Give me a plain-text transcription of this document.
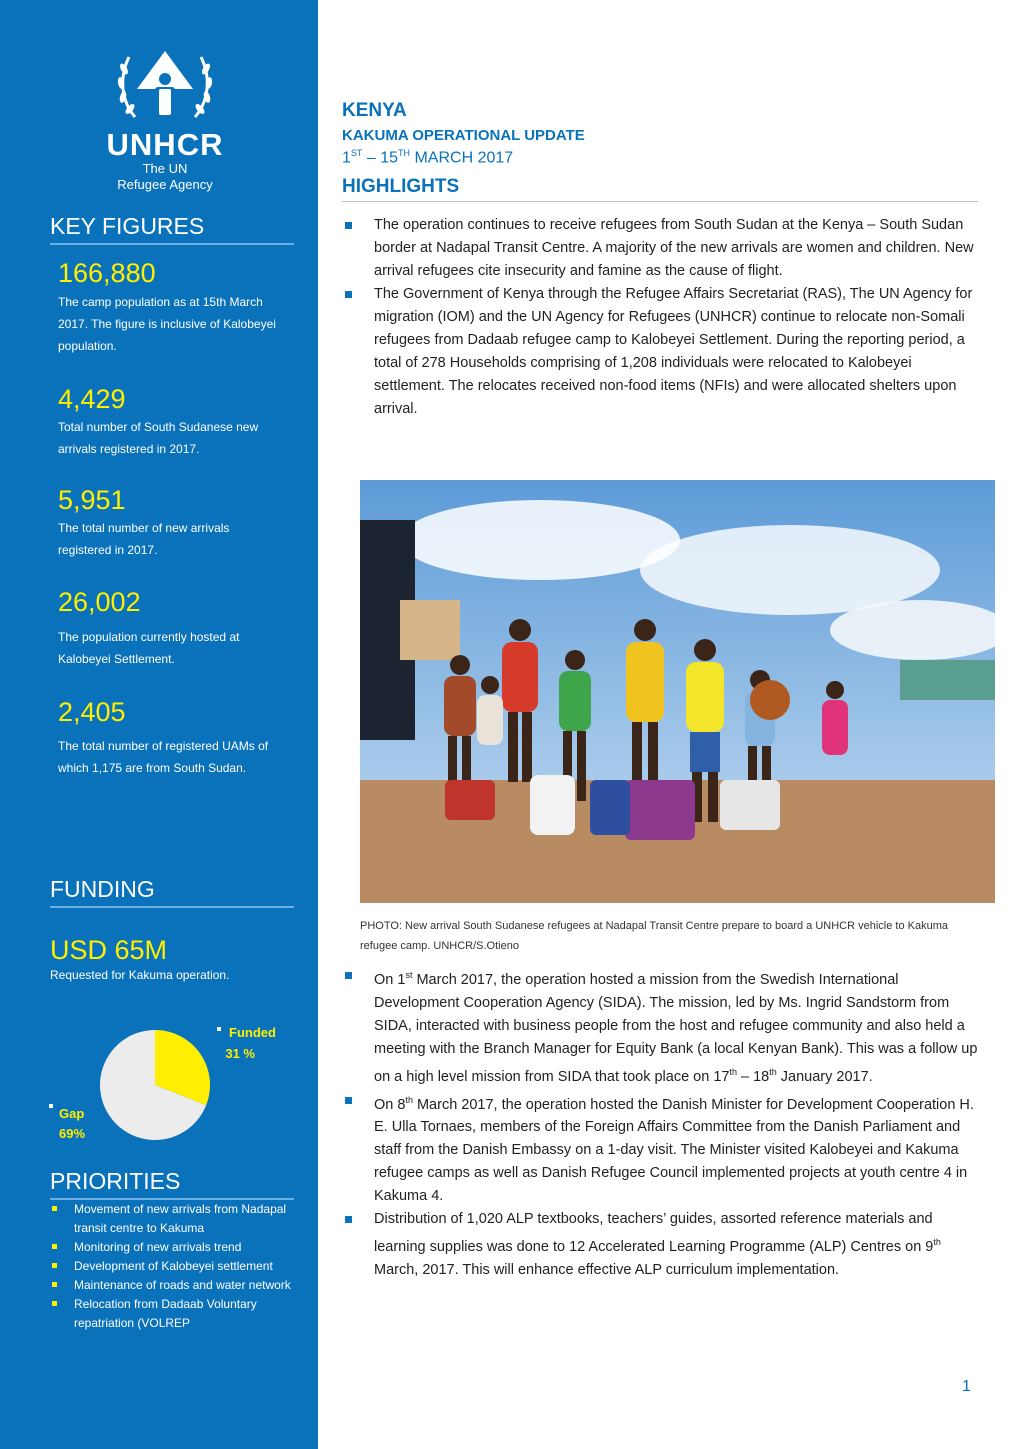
UNHCR
The UN
Refugee Agency
KEY FIGURES
166,880
The camp population as at 15th March 2017. The figure is inclusive of Kalobeyei population.
4,429
Total number of South Sudanese new arrivals registered in 2017.
5,951
The total number of new arrivals registered in 2017.
26,002
The population currently hosted at Kalobeyei Settlement.
2,405
The total number of registered UAMs of which 1,175 are from South Sudan.
FUNDING
USD 65M
Requested for Kakuma operation.
Funded
31 %
Gap
69%
PRIORITIES
Movement of new arrivals from Nadapal transit centre to Kakuma
Monitoring of new arrivals trend
Development of Kalobeyei settlement
Maintenance of roads and water network
Relocation from Dadaab Voluntary repatriation (VOLREP
KENYA
KAKUMA OPERATIONAL UPDATE
1ST – 15TH MARCH 2017
HIGHLIGHTS
The operation continues to receive refugees from South Sudan at the Kenya – South Sudan border at Nadapal Transit Centre. A majority of the new arrivals are women and children. New arrival refugees cite insecurity and famine as the cause of flight.
The Government of Kenya through the Refugee Affairs Secretariat (RAS), The UN Agency for migration (IOM) and the UN Agency for Refugees (UNHCR) continue to relocate non-Somali refugees from Dadaab refugee camp to Kalobeyei Settlement. During the reporting period, a total of 278 Households comprising of 1,208 individuals were relocated to Kalobeyei settlement. The relocates received non-food items (NFIs) and were allocated shelters upon arrival.
On 1st March 2017, the operation hosted a mission from the Swedish International Development Cooperation Agency (SIDA). The mission, led by Ms. Ingrid Sandstorm from SIDA, interacted with business people from the host and refugee community and also held a meeting with the Branch Manager for Equity Bank (a local Kenyan Bank). This was a follow up on a high level mission from SIDA that took place on 17th – 18th January 2017.
On 8th March 2017, the operation hosted the Danish Minister for Development Cooperation H. E. Ulla Tornaes, members of the Foreign Affairs Committee from the Danish Parliament and staff from the Danish Embassy on a 1-day visit. The Minister visited Kalobeyei and Kakuma refugee camps as well as Danish Refugee Council implemented projects at youth centre 4 in Kakuma 4.
Distribution of 1,020 ALP textbooks, teachers’ guides, assorted reference materials and learning supplies was done to 12 Accelerated Learning Programme (ALP) Centres on 9th March, 2017. This will enhance effective ALP curriculum implementation.
PHOTO: New arrival South Sudanese refugees at Nadapal Transit Centre prepare to board a UNHCR vehicle to Kakuma refugee camp. UNHCR/S.Otieno
1
